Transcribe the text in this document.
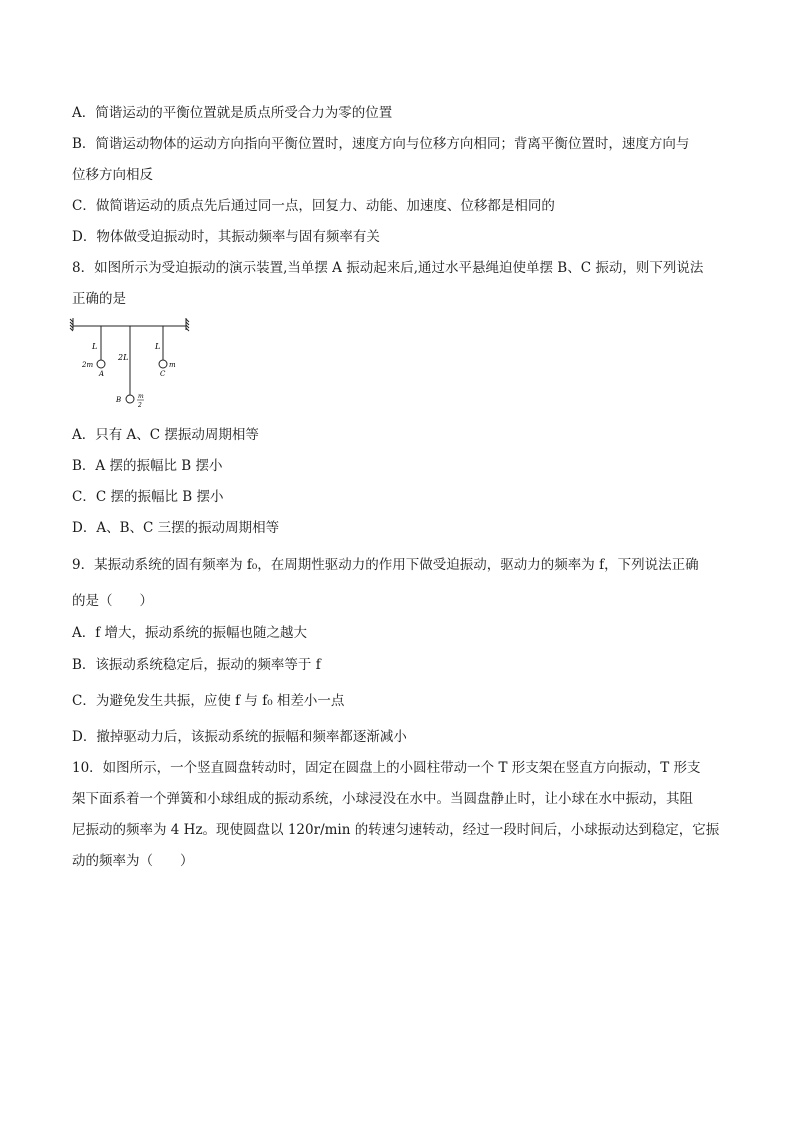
A．简谐运动的平衡位置就是质点所受合力为零的位置
B．简谐运动物体的运动方向指向平衡位置时，速度方向与位移方向相同；背离平衡位置时，速度方向与
位移方向相反
C．做简谐运动的质点先后通过同一点，回复力、动能、加速度、位移都是相同的
D．物体做受迫振动时，其振动频率与固有频率有关
8．如图所示为受迫振动的演示装置,当单摆 A 振动起来后,通过水平悬绳迫使单摆 B、C 振动，则下列说法
正确的是
L
2L
L
2m
A
m
C
B	m
2
A．只有 A、C 摆振动周期相等
B．A 摆的振幅比 B 摆小
C．C 摆的振幅比 B 摆小
D．A、B、C 三摆的振动周期相等
9．某振动系统的固有频率为 f₀，在周期性驱动力的作用下做受迫振动，驱动力的频率为 f，下列说法正确
的是（　　）
A．f 增大，振动系统的振幅也随之越大
B．该振动系统稳定后，振动的频率等于 f
C．为避免发生共振，应使 f 与 f₀ 相差小一点
D．撤掉驱动力后，该振动系统的振幅和频率都逐渐减小
10．如图所示，一个竖直圆盘转动时，固定在圆盘上的小圆柱带动一个 T 形支架在竖直方向振动，T 形支
架下面系着一个弹簧和小球组成的振动系统，小球浸没在水中。当圆盘静止时，让小球在水中振动，其阻
尼振动的频率为 4 Hz。现使圆盘以 120r/min 的转速匀速转动，经过一段时间后，小球振动达到稳定，它振
动的频率为（　　）
